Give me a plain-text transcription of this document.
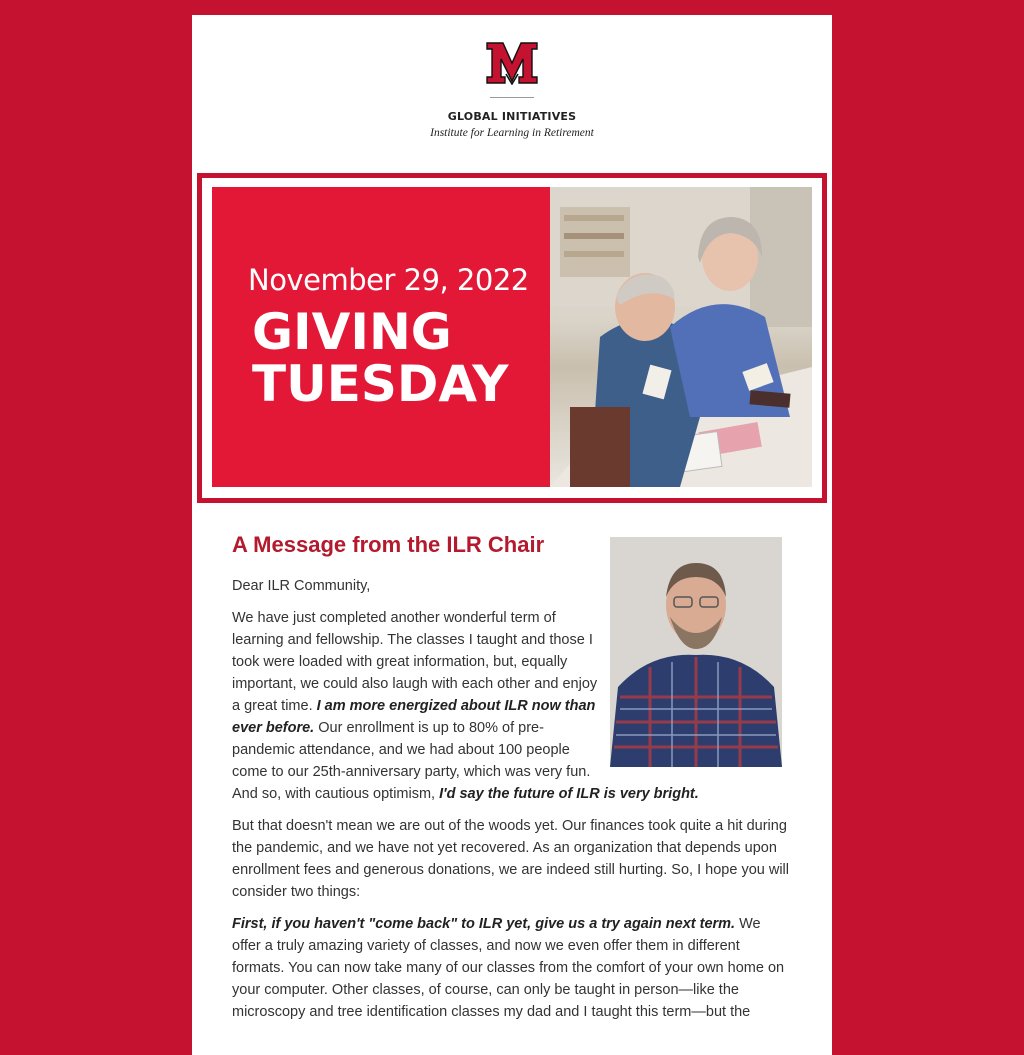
GLOBAL INITIATIVES
Institute for Learning in Retirement
November 29, 2022
GIVING
TUESDAY
A Message from the ILR Chair

Dear ILR Community,

We have just completed another wonderful term of learning and fellowship. The classes I taught and those I took were loaded with great information, but, equally important, we could also laugh with each other and enjoy a great time. I am more energized about ILR now than ever before. Our enrollment is up to 80% of pre-pandemic attendance, and we had about 100 people come to our 25th-anniversary party, which was very fun. And so, with cautious optimism, I'd say the future of ILR is very bright.

But that doesn't mean we are out of the woods yet. Our finances took quite a hit during the pandemic, and we have not yet recovered. As an organization that depends upon enrollment fees and generous donations, we are indeed still hurting. So, I hope you will consider two things:

First, if you haven't "come back" to ILR yet, give us a try again next term. We offer a truly amazing variety of classes, and now we even offer them in different formats. You can now take many of our classes from the comfort of your own home on your computer. Other classes, of course, can only be taught in person—like the microscopy and tree identification classes my dad and I taught this term—but the
